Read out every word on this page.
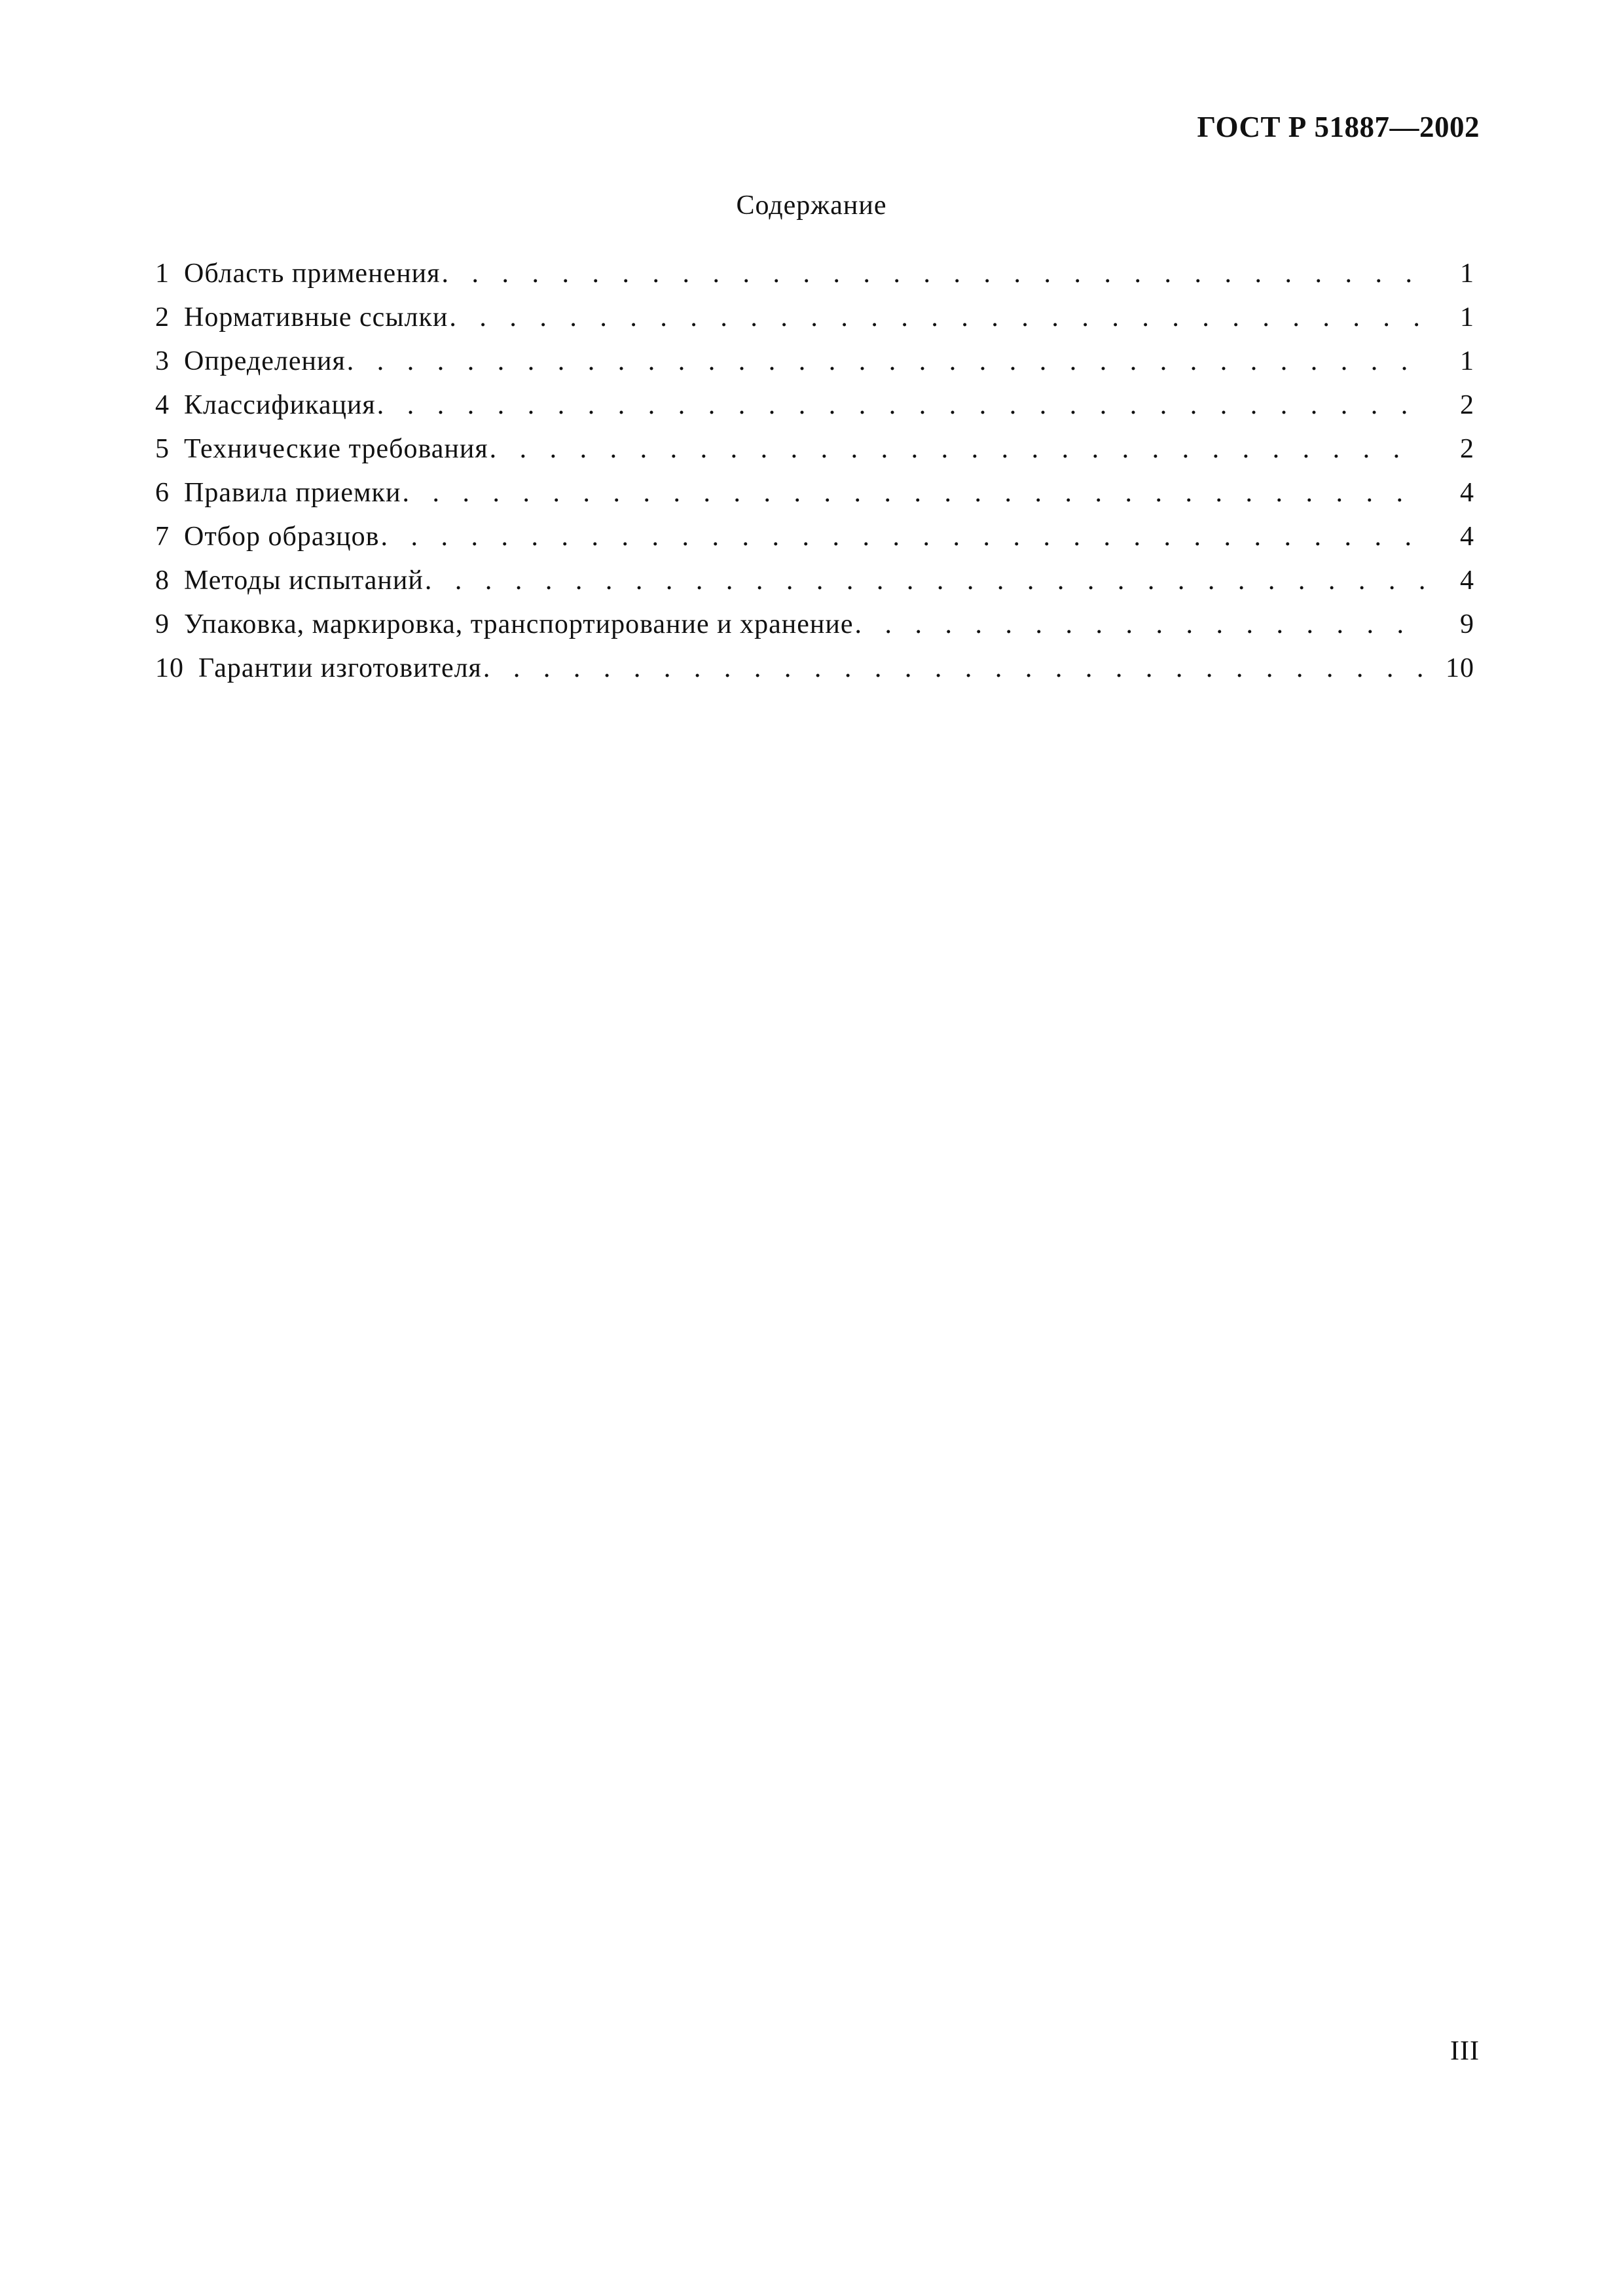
ГОСТ Р 51887—2002
Содержание
1 Область применения . . .	1
2 Нормативные ссылки . . .	1
3 Определения . . .	1
4 Классификация . . .	2
5 Технические требования . . .	2
6 Правила приемки . . .	4
7 Отбор образцов . . .	4
8 Методы испытаний . . .	4
9 Упаковка, маркировка, транспортирование и хранение . . .	9
10 Гарантии изготовителя . . .	10
III
